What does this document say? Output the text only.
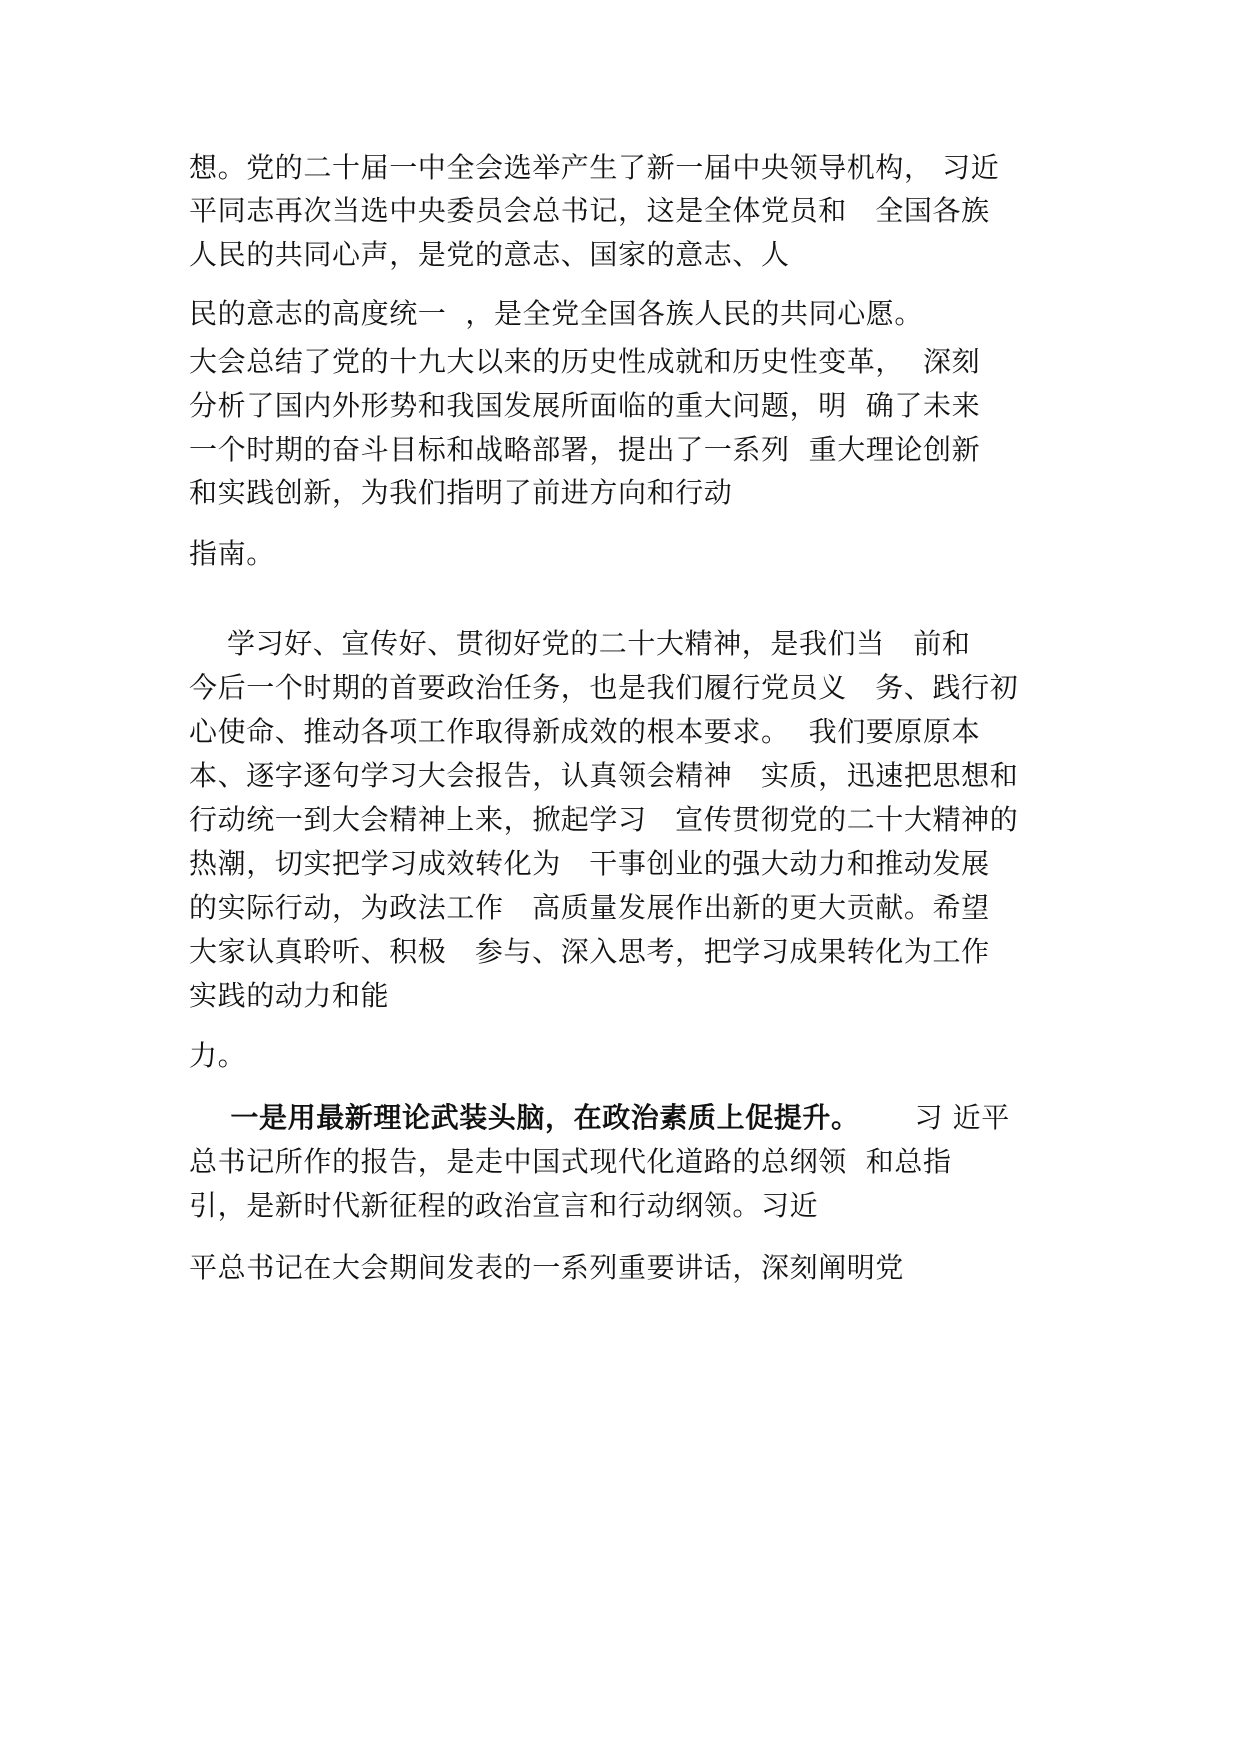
想。党的二十届一中全会选举产生了新一届中央领导机构， 习近
平同志再次当选中央委员会总书记，这是全体党员和   全国各族
人民的共同心声，是党的意志、国家的意志、人
民的意志的高度统一  ，是全党全国各族人民的共同心愿。
大会总结了党的十九大以来的历史性成就和历史性变革，  深刻
分析了国内外形势和我国发展所面临的重大问题，明  确了未来
一个时期的奋斗目标和战略部署，提出了一系列  重大理论创新
和实践创新，为我们指明了前进方向和行动
指南。
学习好、宣传好、贯彻好党的二十大精神，是我们当   前和
今后一个时期的首要政治任务，也是我们履行党员义   务、践行初
心使命、推动各项工作取得新成效的根本要求。  我们要原原本
本、逐字逐句学习大会报告，认真领会精神   实质，迅速把思想和
行动统一到大会精神上来，掀起学习   宣传贯彻党的二十大精神的
热潮，切实把学习成效转化为   干事创业的强大动力和推动发展
的实际行动，为政法工作   高质量发展作出新的更大贡献。希望
大家认真聆听、积极   参与、深入思考，把学习成果转化为工作
实践的动力和能
力。
一是用最新理论武装头脑，在政治素质上促提升。 习 近平
总书记所作的报告，是走中国式现代化道路的总纲领  和总指
引，是新时代新征程的政治宣言和行动纲领。习近
平总书记在大会期间发表的一系列重要讲话，深刻阐明党
